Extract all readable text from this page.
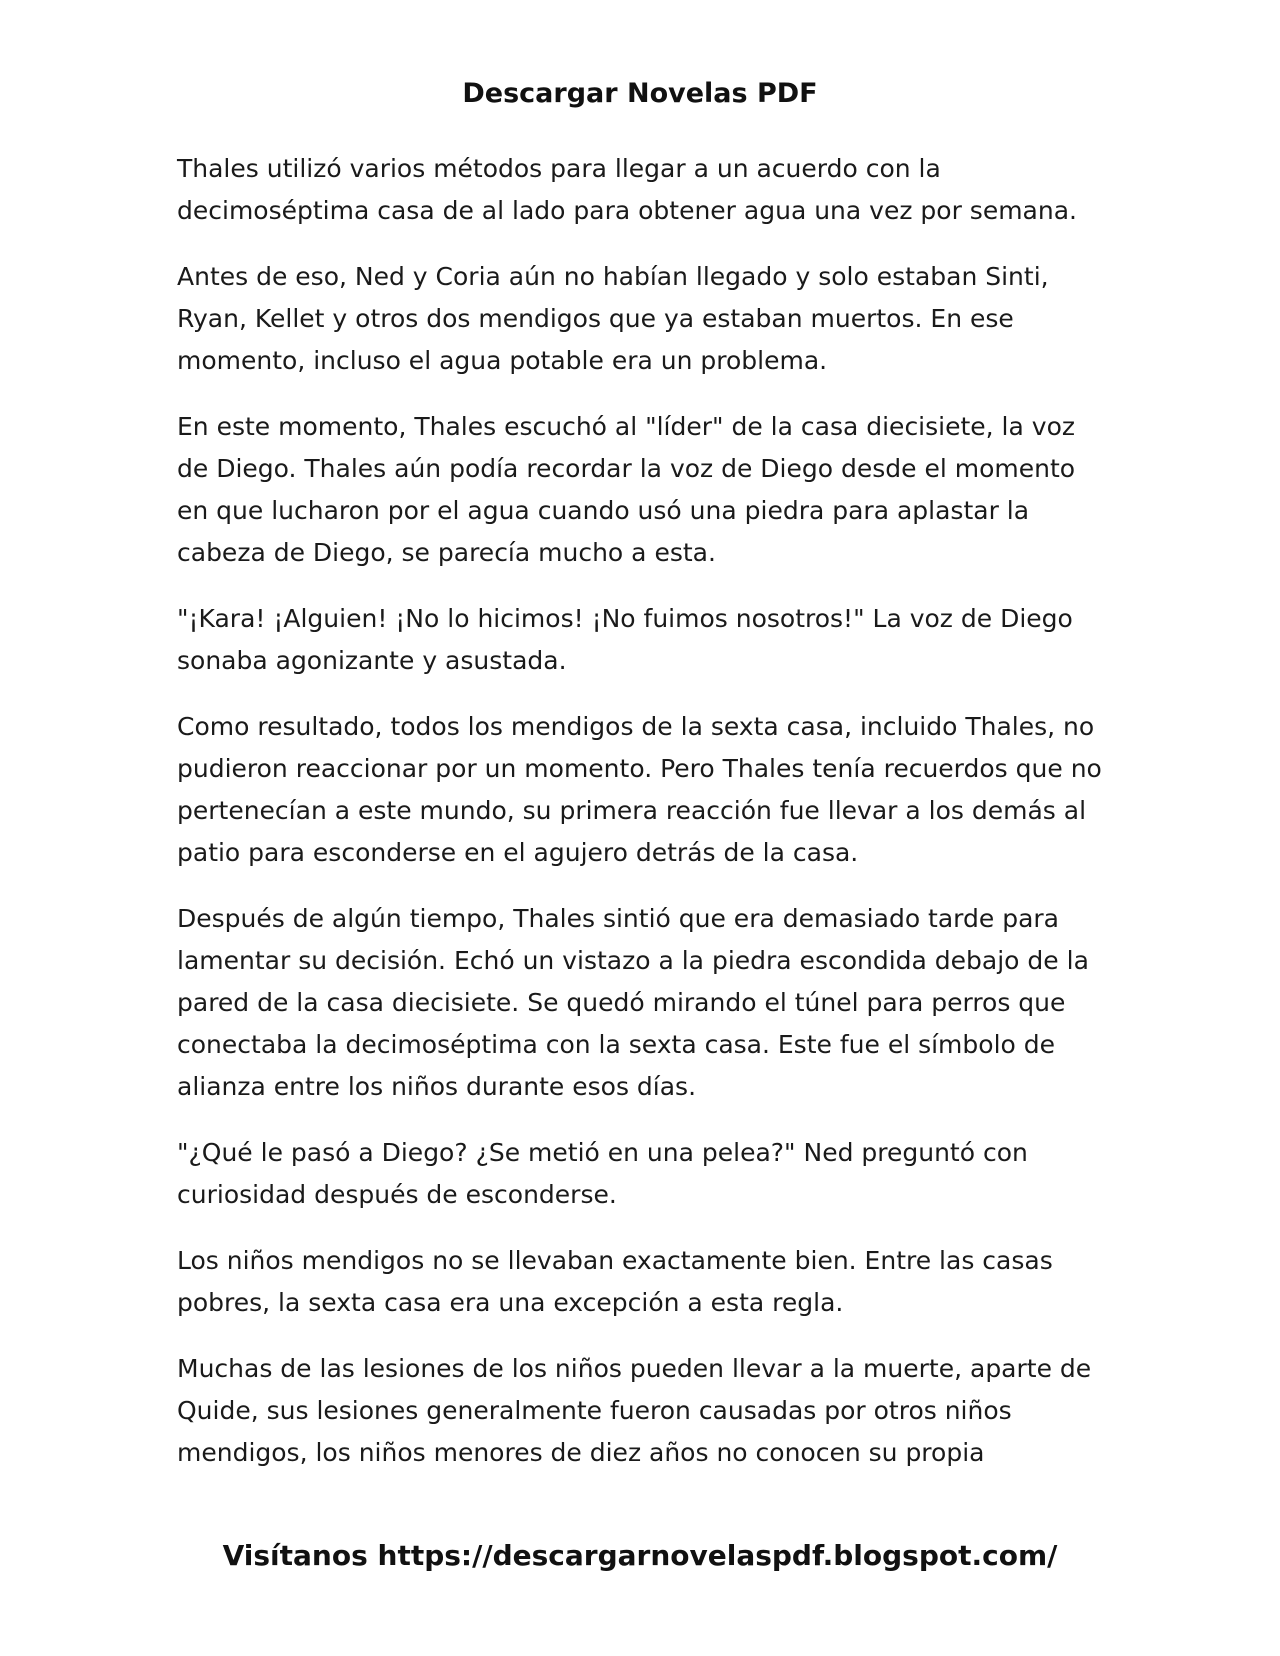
Descargar Novelas PDF

Thales utilizó varios métodos para llegar a un acuerdo con la decimoséptima casa de al lado para obtener agua una vez por semana.

Antes de eso, Ned y Coria aún no habían llegado y solo estaban Sinti, Ryan, Kellet y otros dos mendigos que ya estaban muertos. En ese momento, incluso el agua potable era un problema.

En este momento, Thales escuchó al "líder" de la casa diecisiete, la voz de Diego. Thales aún podía recordar la voz de Diego desde el momento en que lucharon por el agua cuando usó una piedra para aplastar la cabeza de Diego, se parecía mucho a esta.

"¡Kara! ¡Alguien! ¡No lo hicimos! ¡No fuimos nosotros!" La voz de Diego sonaba agonizante y asustada.

Como resultado, todos los mendigos de la sexta casa, incluido Thales, no pudieron reaccionar por un momento. Pero Thales tenía recuerdos que no pertenecían a este mundo, su primera reacción fue llevar a los demás al patio para esconderse en el agujero detrás de la casa.

Después de algún tiempo, Thales sintió que era demasiado tarde para lamentar su decisión. Echó un vistazo a la piedra escondida debajo de la pared de la casa diecisiete. Se quedó mirando el túnel para perros que conectaba la decimoséptima con la sexta casa. Este fue el símbolo de alianza entre los niños durante esos días.

"¿Qué le pasó a Diego? ¿Se metió en una pelea?" Ned preguntó con curiosidad después de esconderse.

Los niños mendigos no se llevaban exactamente bien. Entre las casas pobres, la sexta casa era una excepción a esta regla.

Muchas de las lesiones de los niños pueden llevar a la muerte, aparte de Quide, sus lesiones generalmente fueron causadas por otros niños mendigos, los niños menores de diez años no conocen su propia

Visítanos https://descargarnovelaspdf.blogspot.com/
